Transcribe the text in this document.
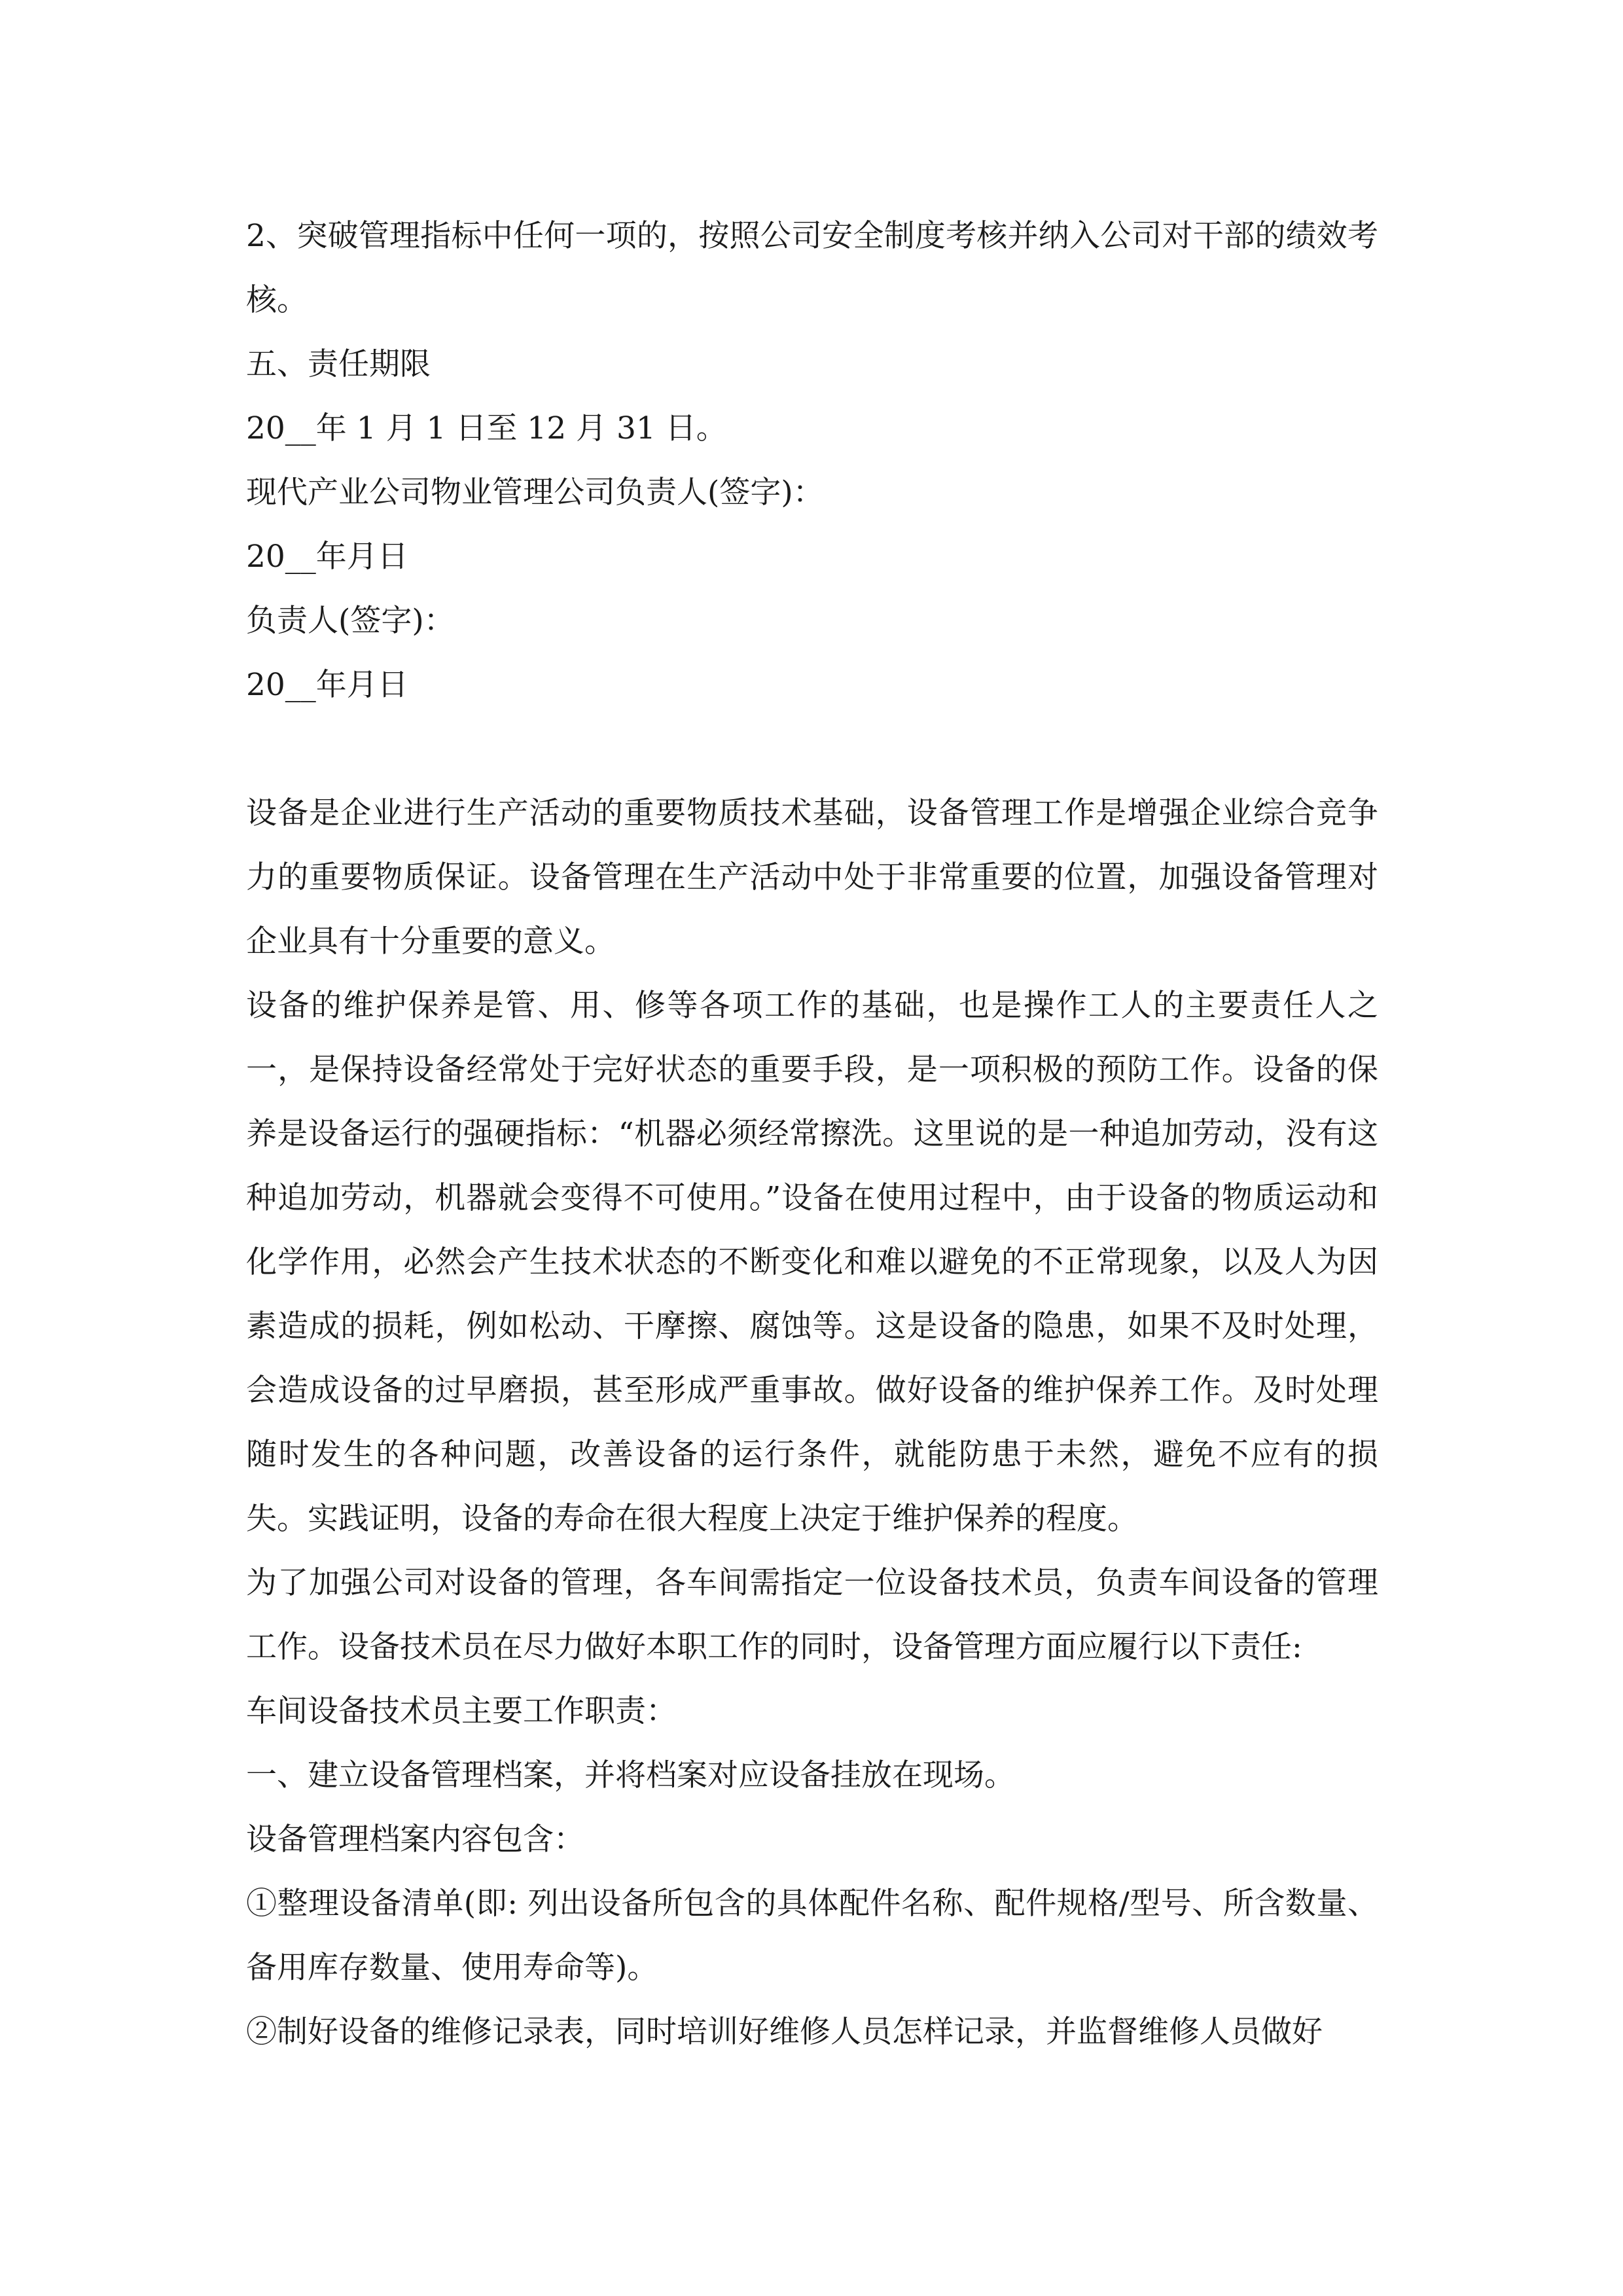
2、突破管理指标中任何一项的，按照公司安全制度考核并纳入公司对干部的绩效考核。

五、责任期限

20__年 1 月 1 日至 12 月 31 日。

现代产业公司物业管理公司负责人(签字)：

20__年月日

负责人(签字)：

20__年月日

设备是企业进行生产活动的重要物质技术基础，设备管理工作是增强企业综合竞争力的重要物质保证。设备管理在生产活动中处于非常重要的位置，加强设备管理对企业具有十分重要的意义。

设备的维护保养是管、用、修等各项工作的基础，也是操作工人的主要责任人之一，是保持设备经常处于完好状态的重要手段，是一项积极的预防工作。设备的保养是设备运行的强硬指标：“机器必须经常擦洗。这里说的是一种追加劳动，没有这种追加劳动，机器就会变得不可使用。”设备在使用过程中，由于设备的物质运动和化学作用，必然会产生技术状态的不断变化和难以避免的不正常现象，以及人为因素造成的损耗，例如松动、干摩擦、腐蚀等。这是设备的隐患，如果不及时处理，会造成设备的过早磨损，甚至形成严重事故。做好设备的维护保养工作。及时处理随时发生的各种问题，改善设备的运行条件，就能防患于未然，避免不应有的损失。实践证明，设备的寿命在很大程度上决定于维护保养的程度。

为了加强公司对设备的管理，各车间需指定一位设备技术员，负责车间设备的管理工作。设备技术员在尽力做好本职工作的同时，设备管理方面应履行以下责任:

车间设备技术员主要工作职责：

一、建立设备管理档案，并将档案对应设备挂放在现场。

设备管理档案内容包含：

①整理设备清单(即: 列出设备所包含的具体配件名称、配件规格/型号、所含数量、备用库存数量、使用寿命等)。

②制好设备的维修记录表，同时培训好维修人员怎样记录，并监督维修人员做好
